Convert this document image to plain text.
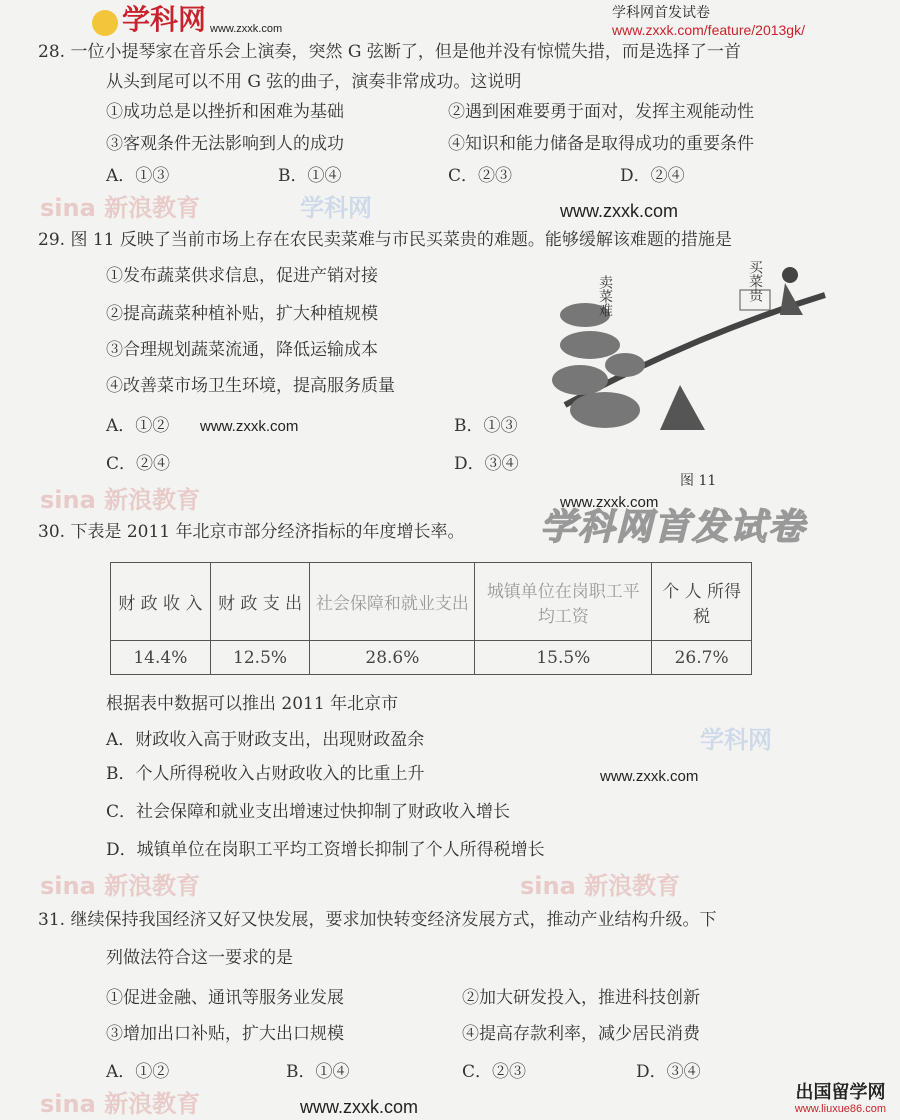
学科网 www.zxxk.com
学科网首发试卷
www.zxxk.com/feature/2013gk/
28. 一位小提琴家在音乐会上演奏，突然 G 弦断了，但是他并没有惊慌失措，而是选择了一首
从头到尾可以不用 G 弦的曲子，演奏非常成功。这说明
①成功总是以挫折和困难为基础	②遇到困难要勇于面对，发挥主观能动性
③客观条件无法影响到人的成功	④知识和能力储备是取得成功的重要条件
A．①③	B．①④	C．②③	D．②④
29. 图 11 反映了当前市场上存在农民卖菜难与市民买菜贵的难题。能够缓解该难题的措施是
①发布蔬菜供求信息，促进产销对接
②提高蔬菜种植补贴，扩大种植规模
③合理规划蔬菜流通，降低运输成本
④改善菜市场卫生环境，提高服务质量
A．①②	B．①③
C．②④	D．③④
卖菜难	买菜贵
图 11
30. 下表是 2011 年北京市部分经济指标的年度增长率。 学科网首发试卷
财 政 收 入	财 政 支 出	社会保障和就业支出	城镇单位在岗职工平均工资	个 人 所得税
14.4%	12.5%	28.6%	15.5%	26.7%
根据表中数据可以推出 2011 年北京市
A．财政收入高于财政支出，出现财政盈余
B．个人所得税收入占财政收入的比重上升
C．社会保障和就业支出增速过快抑制了财政收入增长
D．城镇单位在岗职工平均工资增长抑制了个人所得税增长
31. 继续保持我国经济又好又快发展，要求加快转变经济发展方式，推动产业结构升级。下
列做法符合这一要求的是
①促进金融、通讯等服务业发展	②加大研发投入，推进科技创新
③增加出口补贴，扩大出口规模	④提高存款利率，减少居民消费
A．①②	B．①④	C．②③	D．③④
sina 新浪教育	学科网	www.zxxk.com
www.zxxk.com
sina 新浪教育	www.zxxk.com
学科网
www.zxxk.com
sina 新浪教育	sina 新浪教育
sina 新浪教育	www.zxxk.com
出国留学网
www.liuxue86.com
